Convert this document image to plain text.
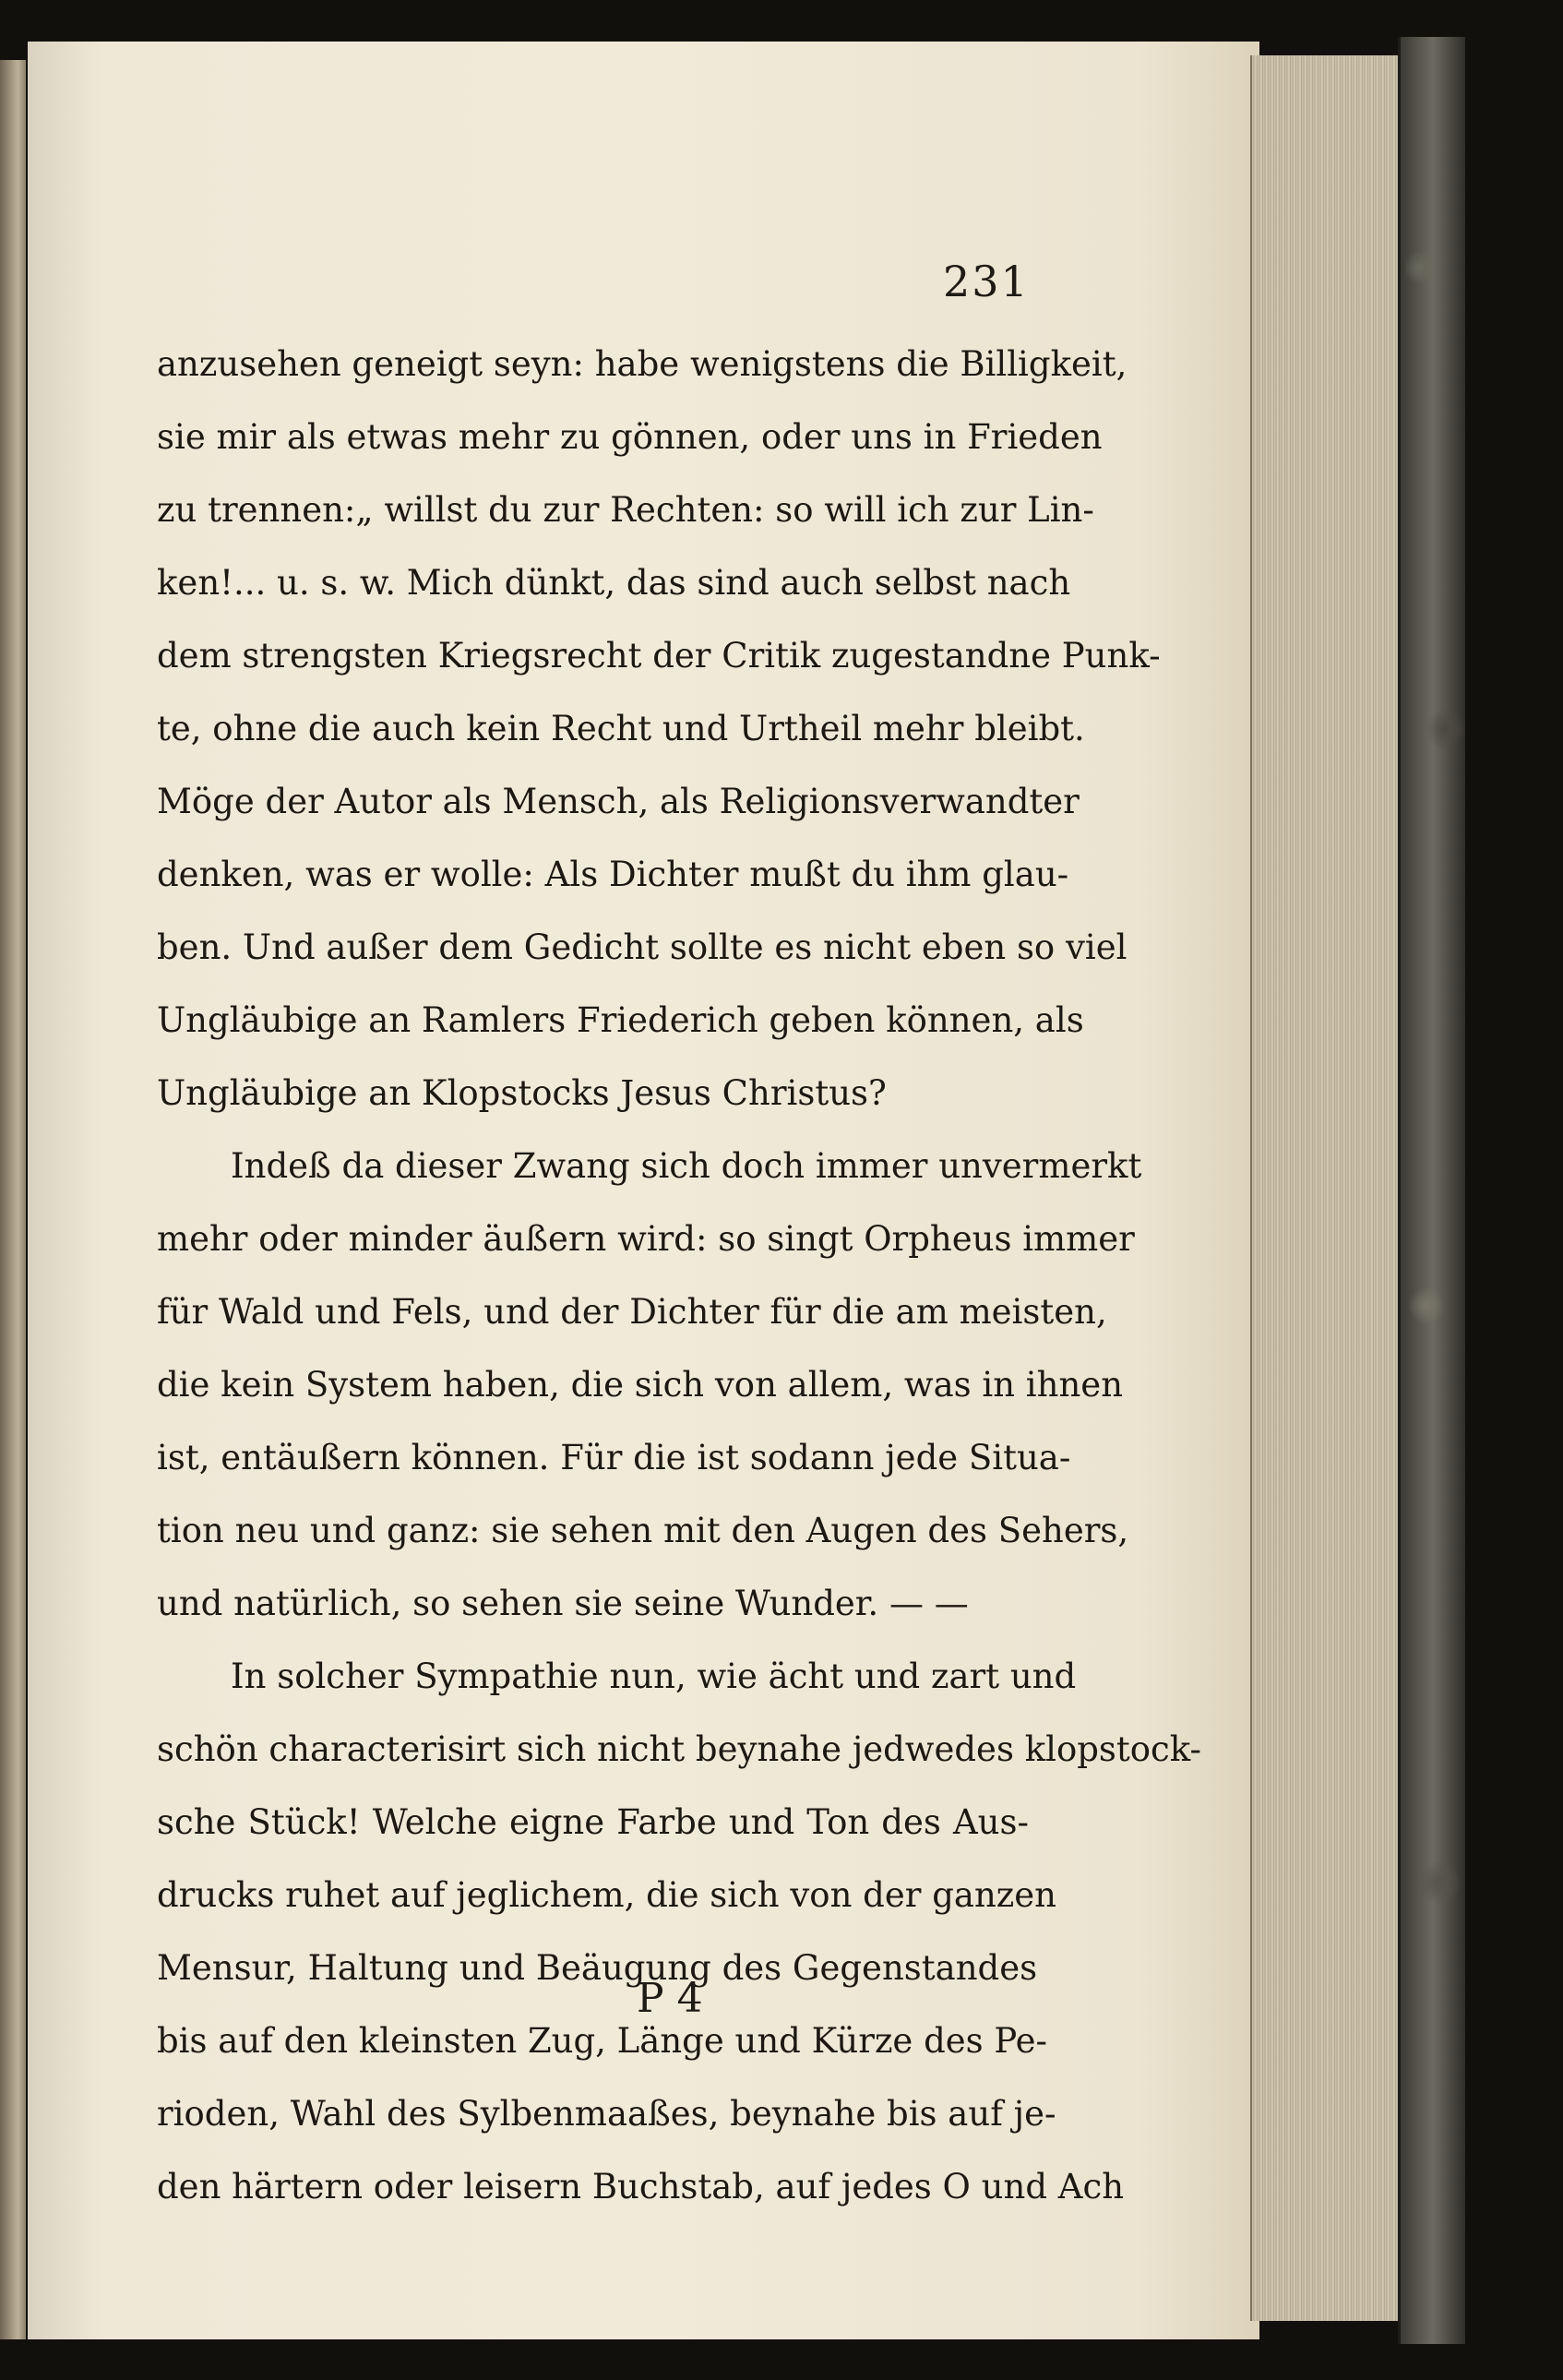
231
anzusehen geneigt seyn: habe wenigstens die Billigkeit,
sie mir als etwas mehr zu gönnen, oder uns in Frieden
zu trennen:„ willst du zur Rechten: so will ich zur Lin-
ken!... u. s. w. Mich dünkt, das sind auch selbst nach
dem strengsten Kriegsrecht der Critik zugestandne Punk-
te, ohne die auch kein Recht und Urtheil mehr bleibt.
Möge der Autor als Mensch, als Religionsverwandter
denken, was er wolle: Als Dichter mußt du ihm glau-
ben. Und außer dem Gedicht sollte es nicht eben so viel
Ungläubige an Ramlers Friederich geben können, als
Ungläubige an Klopstocks Jesus Christus?
Indeß da dieser Zwang sich doch immer unvermerkt
mehr oder minder äußern wird: so singt Orpheus immer
für Wald und Fels, und der Dichter für die am meisten,
die kein System haben, die sich von allem, was in ihnen
ist, entäußern können. Für die ist sodann jede Situa-
tion neu und ganz: sie sehen mit den Augen des Sehers,
und natürlich, so sehen sie seine Wunder. — —
In solcher Sympathie nun, wie ächt und zart und
schön characterisirt sich nicht beynahe jedwedes klopstock-
sche Stück! Welche eigne Farbe und Ton des Aus-
drucks ruhet auf jeglichem, die sich von der ganzen
Mensur, Haltung und Beäugung des Gegenstandes
bis auf den kleinsten Zug, Länge und Kürze des Pe-
rioden, Wahl des Sylbenmaaßes, beynahe bis auf je-
den härtern oder leisern Buchstab, auf jedes O und Ach
P 4
